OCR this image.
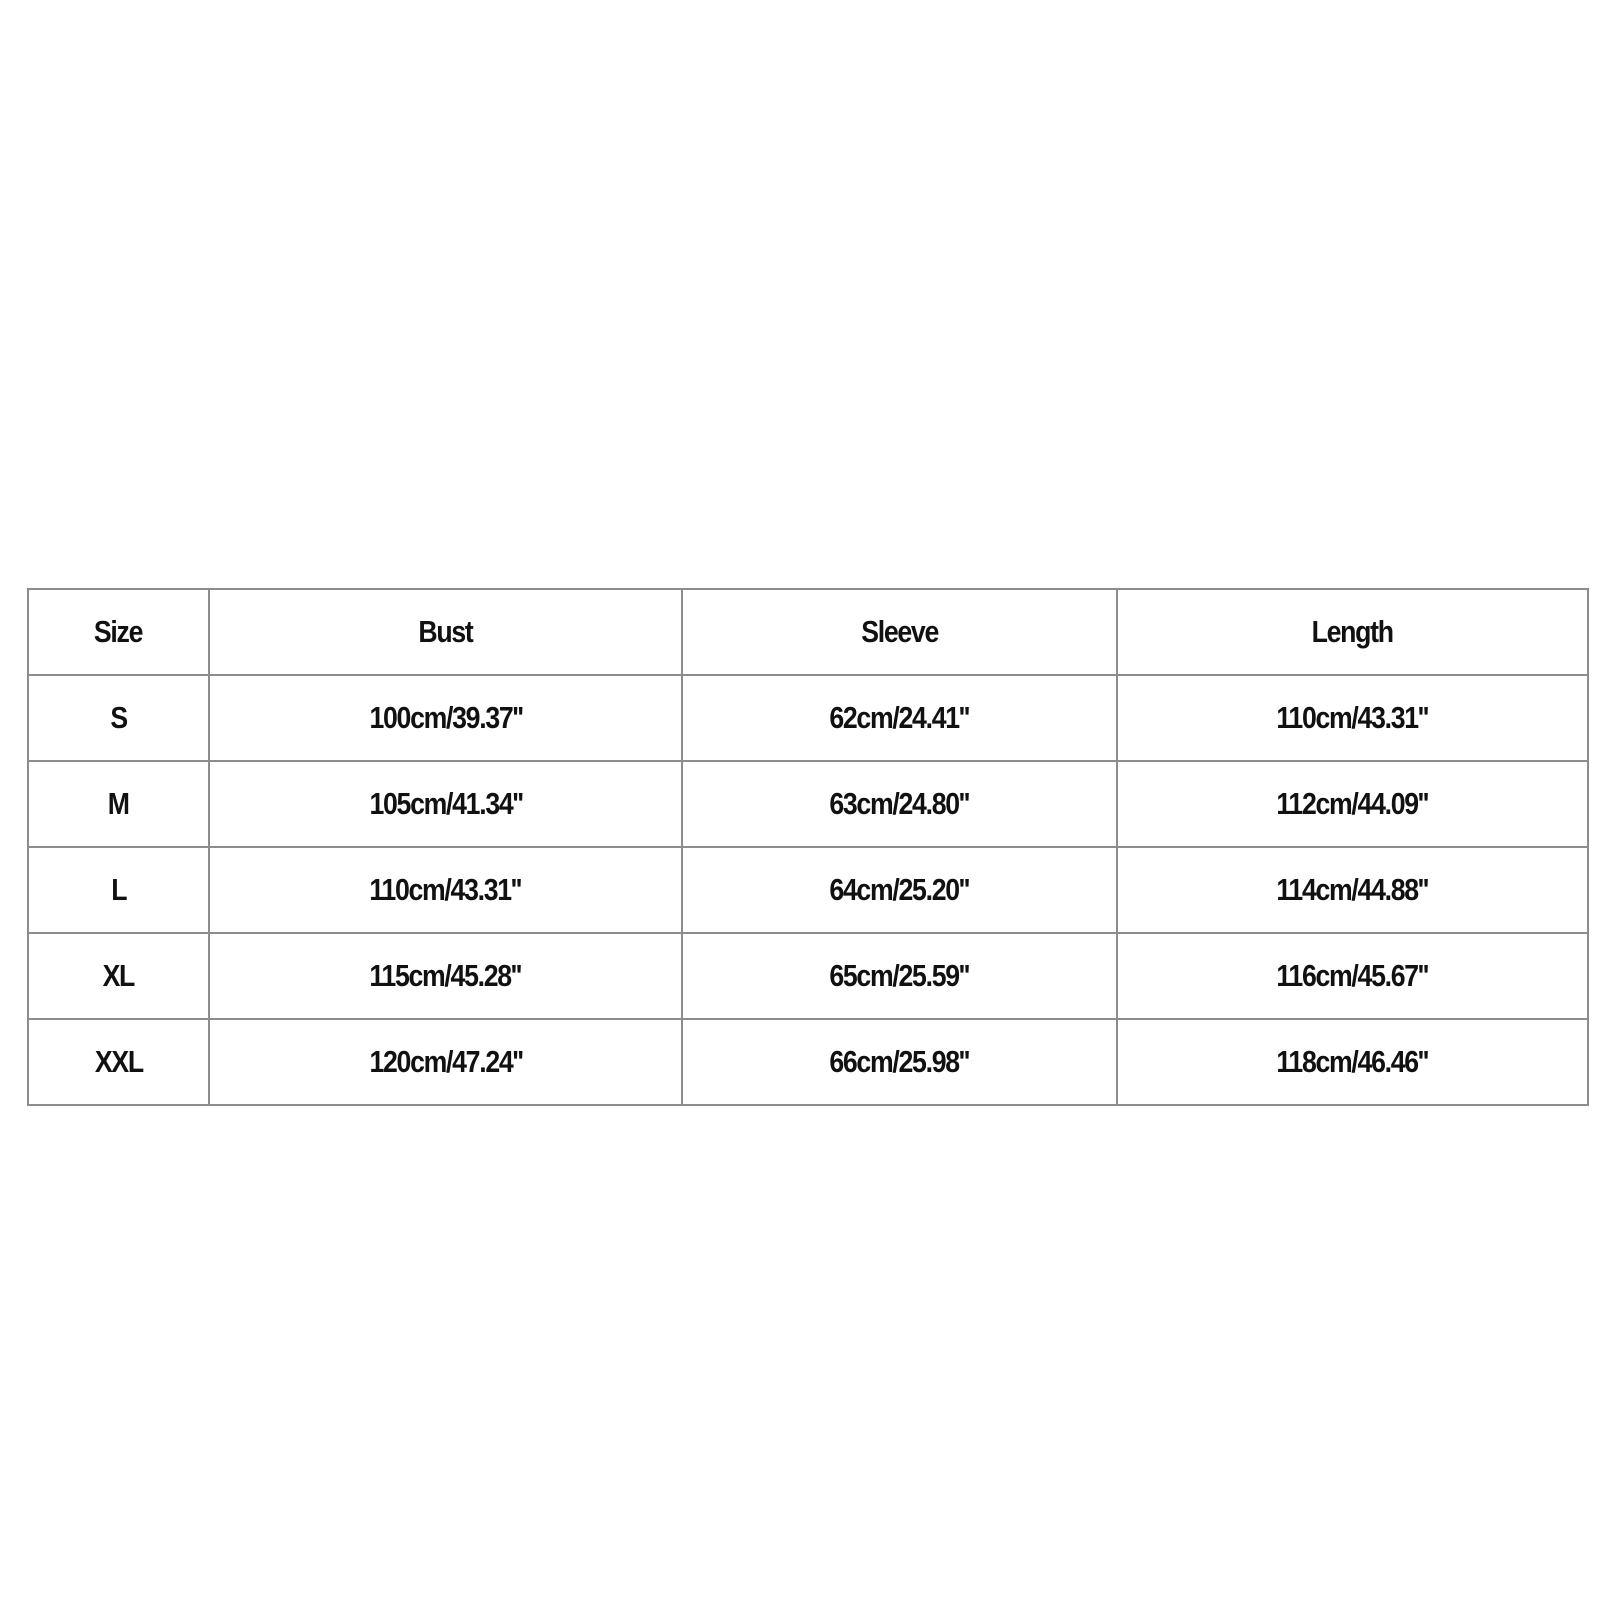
Size	Bust	Sleeve	Length
S	100cm/39.37''	62cm/24.41''	110cm/43.31''
M	105cm/41.34''	63cm/24.80''	112cm/44.09''
L	110cm/43.31''	64cm/25.20''	114cm/44.88''
XL	115cm/45.28''	65cm/25.59''	116cm/45.67''
XXL	120cm/47.24''	66cm/25.98''	118cm/46.46''
